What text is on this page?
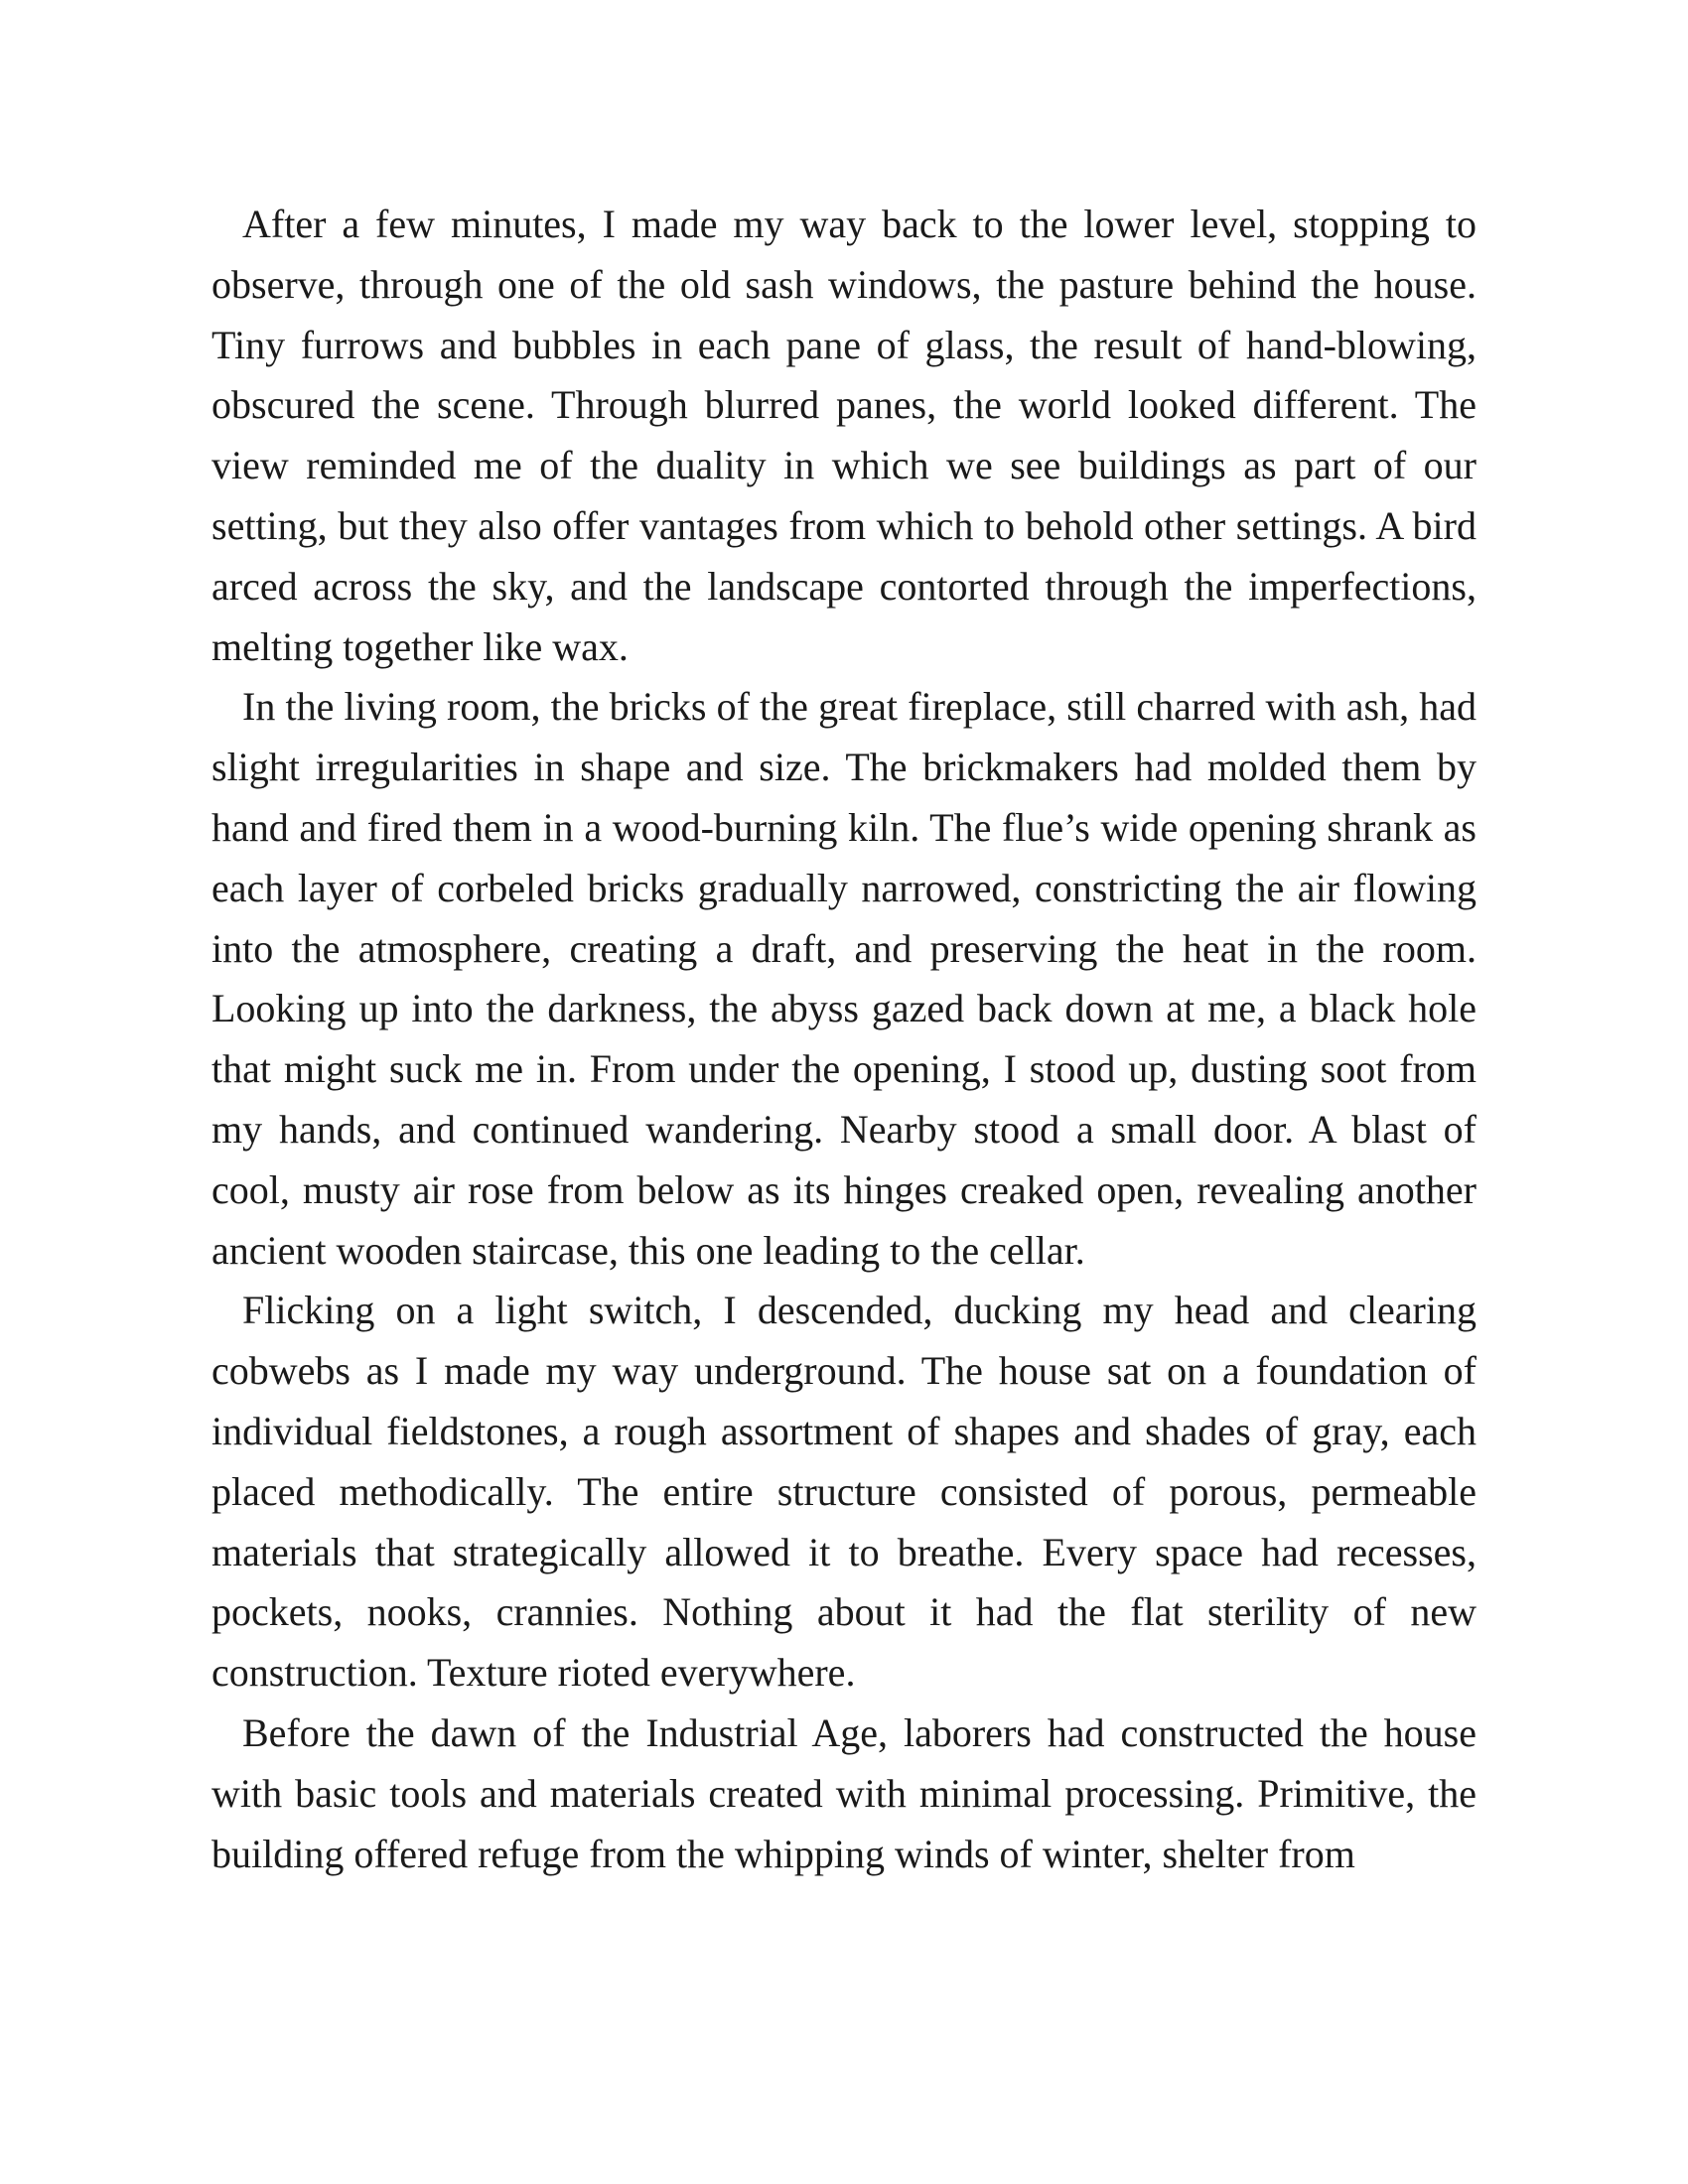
After a few minutes, I made my way back to the lower level, stopping to observe, through one of the old sash windows, the pasture behind the house. Tiny furrows and bubbles in each pane of glass, the result of hand-blowing, obscured the scene. Through blurred panes, the world looked different. The view reminded me of the duality in which we see buildings as part of our setting, but they also offer vantages from which to behold other settings. A bird arced across the sky, and the landscape contorted through the imperfections, melting together like wax.

In the living room, the bricks of the great fireplace, still charred with ash, had slight irregularities in shape and size. The brickmakers had molded them by hand and fired them in a wood-burning kiln. The flue’s wide opening shrank as each layer of corbeled bricks gradually narrowed, constricting the air flowing into the atmosphere, creating a draft, and preserving the heat in the room. Looking up into the darkness, the abyss gazed back down at me, a black hole that might suck me in. From under the opening, I stood up, dusting soot from my hands, and continued wandering. Nearby stood a small door. A blast of cool, musty air rose from below as its hinges creaked open, revealing another ancient wooden staircase, this one leading to the cellar.

Flicking on a light switch, I descended, ducking my head and clearing cobwebs as I made my way underground. The house sat on a foundation of individual fieldstones, a rough assortment of shapes and shades of gray, each placed methodically. The entire structure consisted of porous, permeable materials that strategically allowed it to breathe. Every space had recesses, pockets, nooks, crannies. Nothing about it had the flat sterility of new construction. Texture rioted everywhere.

Before the dawn of the Industrial Age, laborers had constructed the house with basic tools and materials created with minimal processing. Primitive, the building offered refuge from the whipping winds of winter, shelter from
